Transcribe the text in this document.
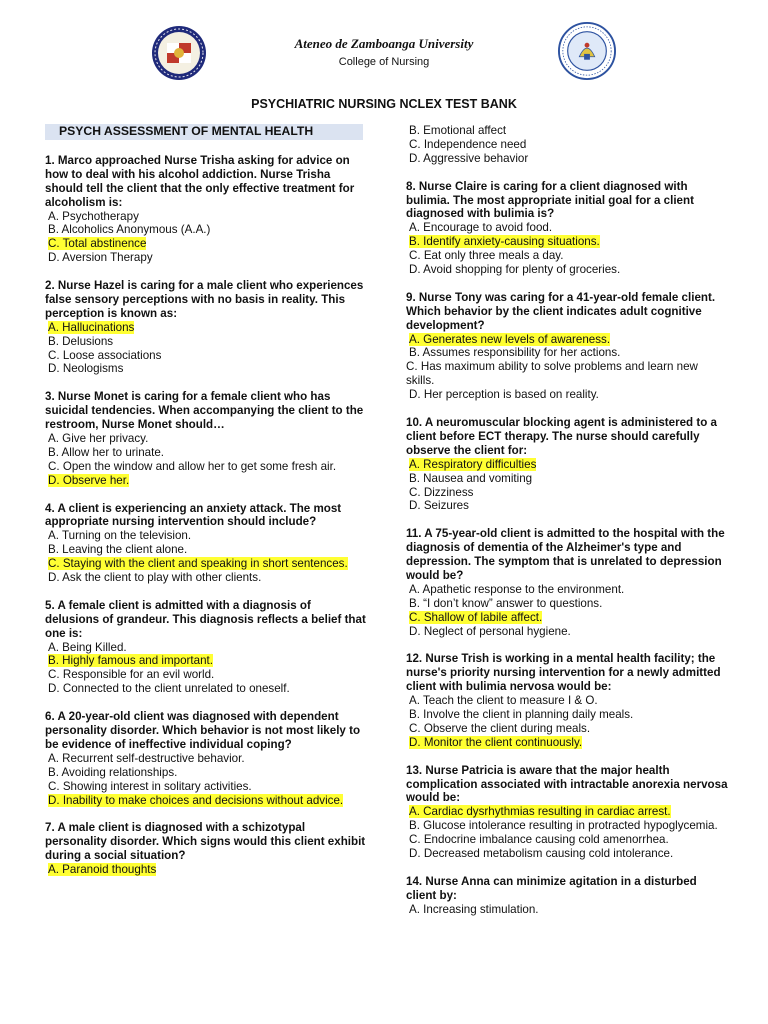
Ateneo de Zamboanga University
College of Nursing
PSYCHIATRIC NURSING NCLEX TEST BANK
PSYCH ASSESSMENT OF MENTAL HEALTH
1. Marco approached Nurse Trisha asking for advice on how to deal with his alcohol addiction. Nurse Trisha should tell the client that the only effective treatment for alcoholism is:
A. Psychotherapy
B. Alcoholics Anonymous (A.A.)
C. Total abstinence
D. Aversion Therapy
2. Nurse Hazel is caring for a male client who experiences false sensory perceptions with no basis in reality. This perception is known as:
A. Hallucinations
B. Delusions
C. Loose associations
D. Neologisms
3. Nurse Monet is caring for a female client who has suicidal tendencies. When accompanying the client to the restroom, Nurse Monet should…
A. Give her privacy.
B. Allow her to urinate.
C. Open the window and allow her to get some fresh air.
D. Observe her.
4. A client is experiencing an anxiety attack. The most appropriate nursing intervention should include?
A. Turning on the television.
B. Leaving the client alone.
C. Staying with the client and speaking in short sentences.
D. Ask the client to play with other clients.
5. A female client is admitted with a diagnosis of delusions of grandeur. This diagnosis reflects a belief that one is:
A. Being Killed.
B. Highly famous and important.
C. Responsible for an evil world.
D. Connected to the client unrelated to oneself.
6. A 20-year-old client was diagnosed with dependent personality disorder. Which behavior is not most likely to be evidence of ineffective individual coping?
A. Recurrent self-destructive behavior.
B. Avoiding relationships.
C. Showing interest in solitary activities.
D. Inability to make choices and decisions without advice.
7. A male client is diagnosed with a schizotypal personality disorder. Which signs would this client exhibit during a social situation?
A. Paranoid thoughts
B. Emotional affect
C. Independence need
D. Aggressive behavior
8. Nurse Claire is caring for a client diagnosed with bulimia. The most appropriate initial goal for a client diagnosed with bulimia is?
A. Encourage to avoid food.
B. Identify anxiety-causing situations.
C. Eat only three meals a day.
D. Avoid shopping for plenty of groceries.
9. Nurse Tony was caring for a 41-year-old female client. Which behavior by the client indicates adult cognitive development?
A. Generates new levels of awareness.
B. Assumes responsibility for her actions.
C. Has maximum ability to solve problems and learn new skills.
D. Her perception is based on reality.
10. A neuromuscular blocking agent is administered to a client before ECT therapy. The nurse should carefully observe the client for:
A. Respiratory difficulties
B. Nausea and vomiting
C. Dizziness
D. Seizures
11. A 75-year-old client is admitted to the hospital with the diagnosis of dementia of the Alzheimer's type and depression. The symptom that is unrelated to depression would be?
A. Apathetic response to the environment.
B. “I don’t know” answer to questions.
C. Shallow of labile affect.
D. Neglect of personal hygiene.
12. Nurse Trish is working in a mental health facility; the nurse's priority nursing intervention for a newly admitted client with bulimia nervosa would be:
A. Teach the client to measure I & O.
B. Involve the client in planning daily meals.
C. Observe the client during meals.
D. Monitor the client continuously.
13. Nurse Patricia is aware that the major health complication associated with intractable anorexia nervosa would be:
A. Cardiac dysrhythmias resulting in cardiac arrest.
B. Glucose intolerance resulting in protracted hypoglycemia.
C. Endocrine imbalance causing cold amenorrhea.
D. Decreased metabolism causing cold intolerance.
14. Nurse Anna can minimize agitation in a disturbed client by:
A. Increasing stimulation.
